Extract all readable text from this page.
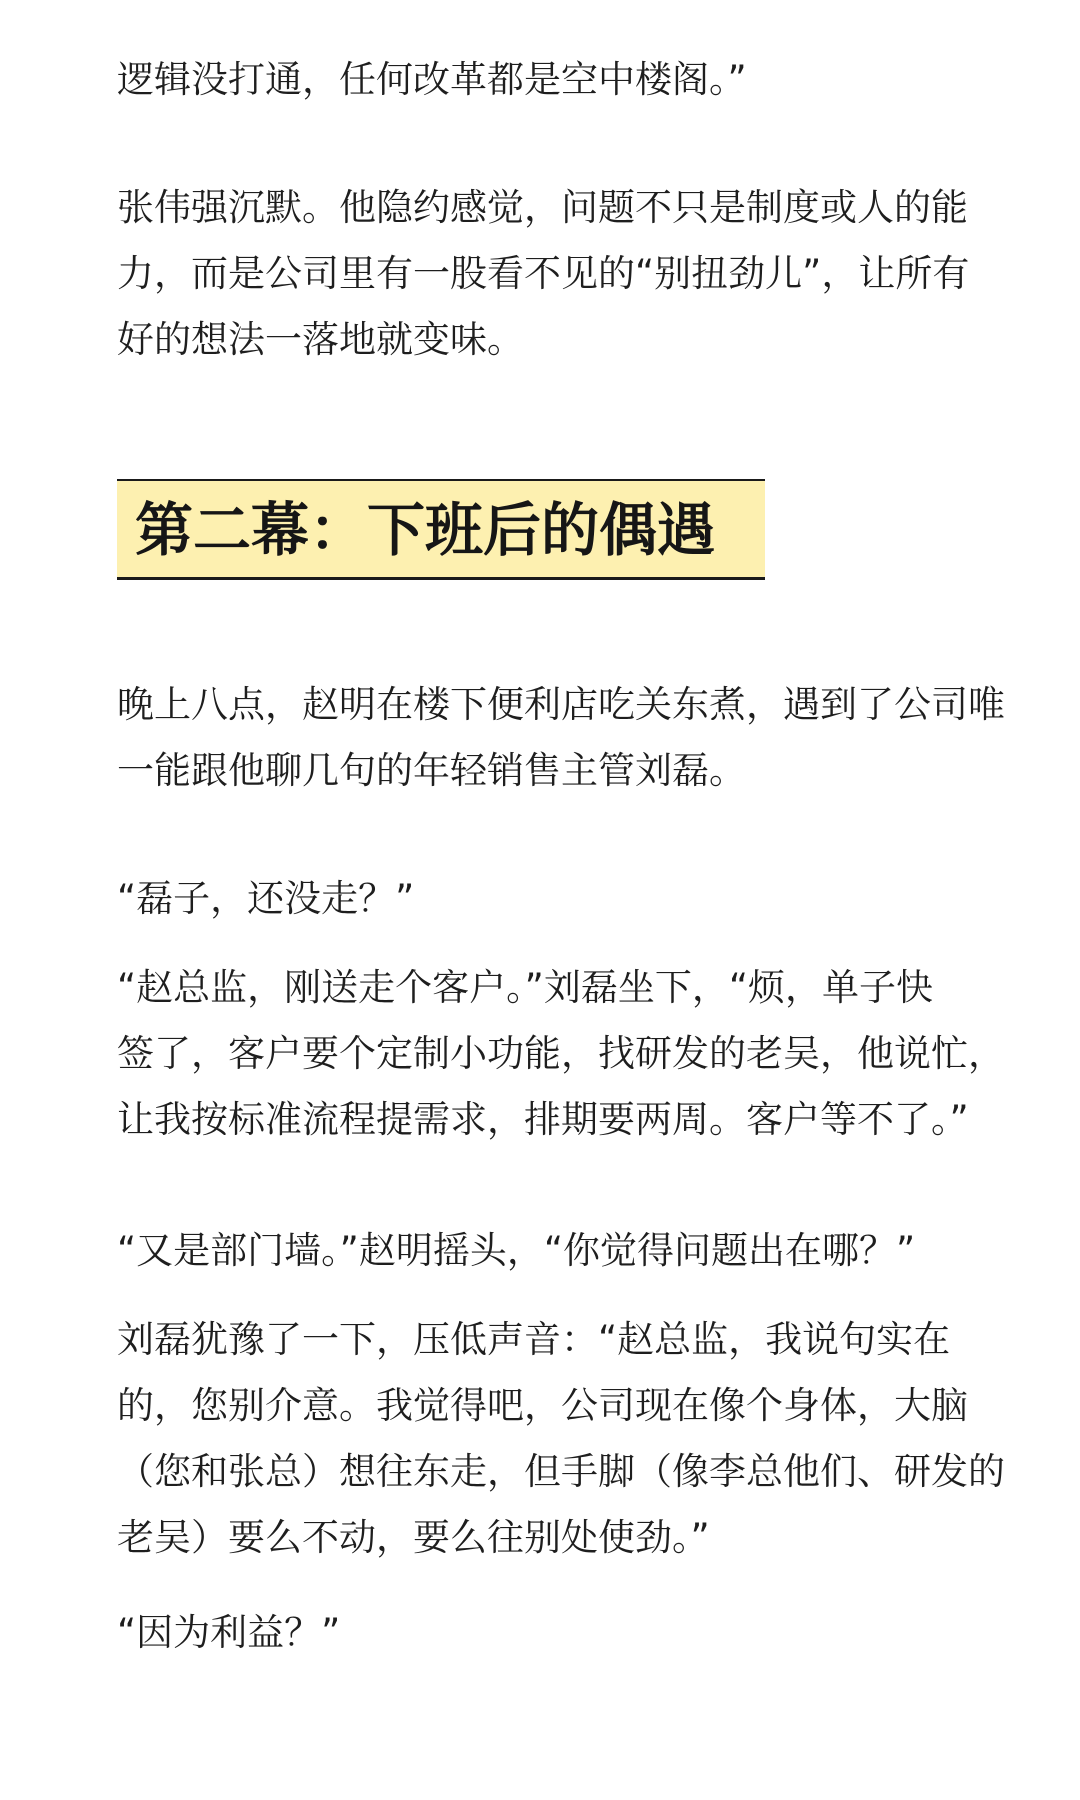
逻辑没打通，任何改革都是空中楼阁。”
张伟强沉默。他隐约感觉，问题不只是制度或人的能
力，而是公司里有一股看不见的“别扭劲儿”，让所有
好的想法一落地就变味。
第二幕：下班后的偶遇
晚上八点，赵明在楼下便利店吃关东煮，遇到了公司唯
一能跟他聊几句的年轻销售主管刘磊。
“磊子，还没走？”
“赵总监，刚送走个客户。”刘磊坐下，“烦，单子快
签了，客户要个定制小功能，找研发的老吴，他说忙，
让我按标准流程提需求，排期要两周。客户等不了。”
“又是部门墙。”赵明摇头，“你觉得问题出在哪？”
刘磊犹豫了一下，压低声音：“赵总监，我说句实在
的，您别介意。我觉得吧，公司现在像个身体，大脑
（您和张总）想往东走，但手脚（像李总他们、研发的
老吴）要么不动，要么往别处使劲。”
“因为利益？”
